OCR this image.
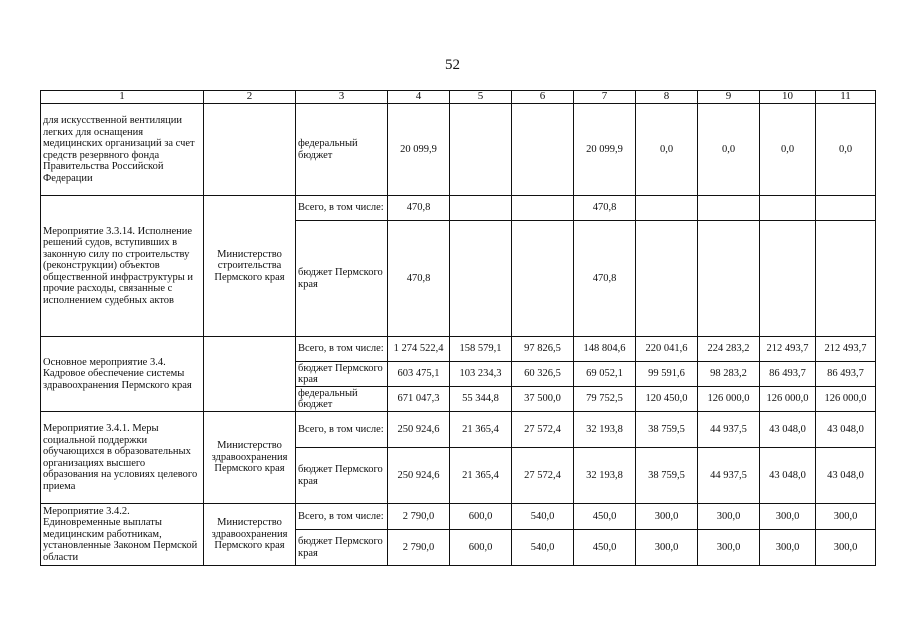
52
1	2	3	4	5	6	7	8	9	10	11
для искусственной вентиляции легких для оснащения медицинских организаций за счет средств резервного фонда Правительства Российской Федерации		федеральный бюджет	20 099,9			20 099,9	0,0	0,0	0,0	0,0
Мероприятие 3.3.14. Исполнение решений судов, вступивших в законную силу по строительству (реконструкции) объектов общественной инфраструктуры и прочие расходы, связанные с исполнением судебных актов	Министерство строительства Пермского края	Всего, в том числе:	470,8			470,8				
		бюджет Пермского края	470,8			470,8				
Основное мероприятие 3.4. Кадровое обеспечение системы здравоохранения Пермского края		Всего, в том числе:	1 274 522,4	158 579,1	97 826,5	148 804,6	220 041,6	224 283,2	212 493,7	212 493,7
		бюджет Пермского края	603 475,1	103 234,3	60 326,5	69 052,1	99 591,6	98 283,2	86 493,7	86 493,7
		федеральный бюджет	671 047,3	55 344,8	37 500,0	79 752,5	120 450,0	126 000,0	126 000,0	126 000,0
Мероприятие 3.4.1. Меры социальной поддержки обучающихся в образовательных организациях высшего образования на условиях целевого приема	Министерство здравоохранения Пермского края	Всего, в том числе:	250 924,6	21 365,4	27 572,4	32 193,8	38 759,5	44 937,5	43 048,0	43 048,0
		бюджет Пермского края	250 924,6	21 365,4	27 572,4	32 193,8	38 759,5	44 937,5	43 048,0	43 048,0
Мероприятие 3.4.2. Единовременные выплаты медицинским работникам, установленные Законом Пермской области	Министерство здравоохранения Пермского края	Всего, в том числе:	2 790,0	600,0	540,0	450,0	300,0	300,0	300,0	300,0
		бюджет Пермского края	2 790,0	600,0	540,0	450,0	300,0	300,0	300,0	300,0
